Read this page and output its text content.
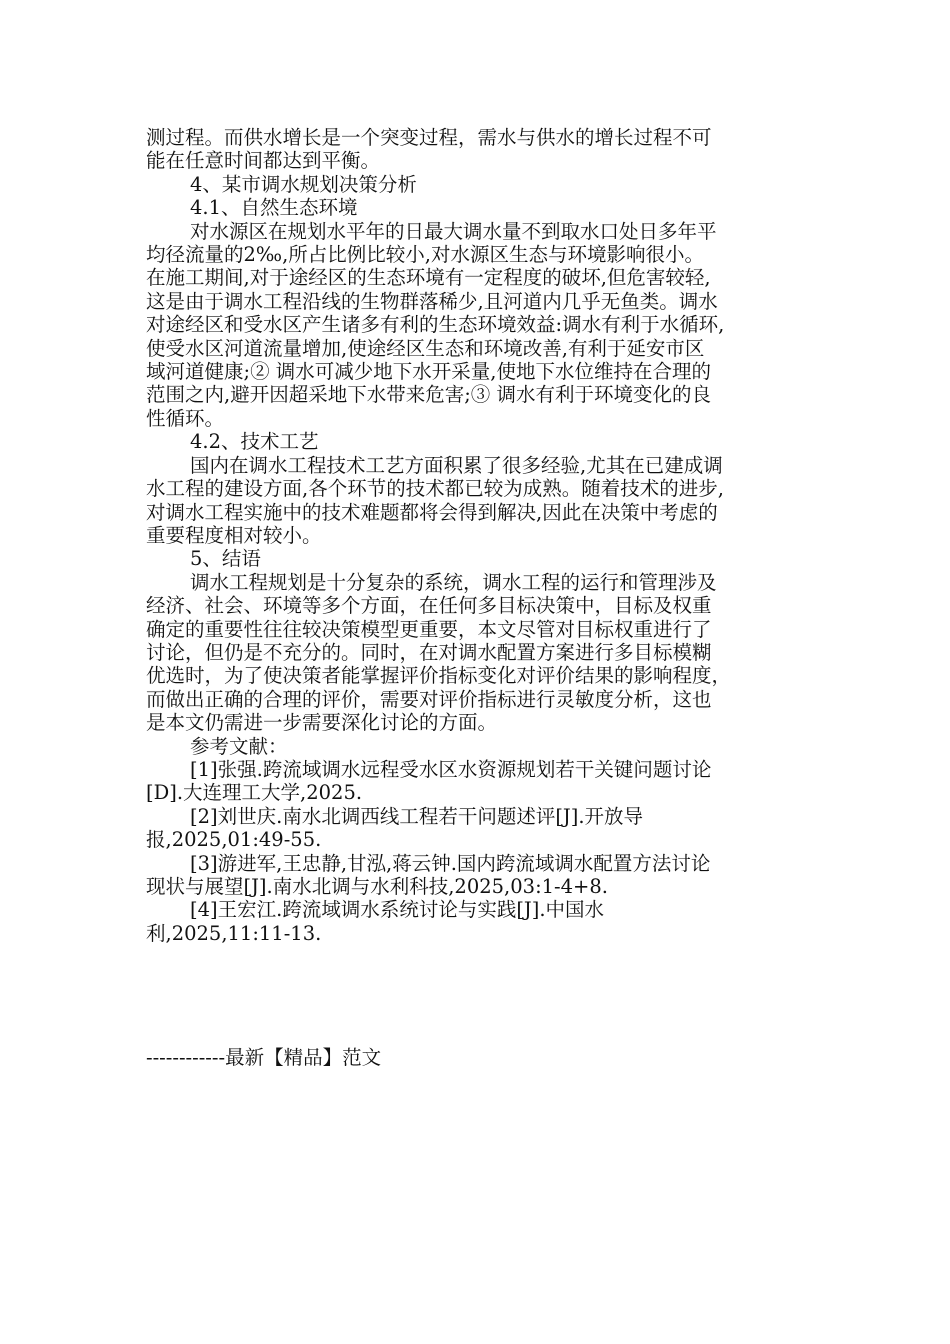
测过程。而供水增长是一个突变过程，需水与供水的增长过程不可
能在任意时间都达到平衡。
4、某市调水规划决策分析
4.1、自然生态环境
对水源区在规划水平年的日最大调水量不到取水口处日多年平
均径流量的2‰,所占比例比较小,对水源区生态与环境影响很小。
在施工期间,对于途经区的生态环境有一定程度的破坏,但危害较轻,
这是由于调水工程沿线的生物群落稀少,且河道内几乎无鱼类。调水
对途经区和受水区产生诸多有利的生态环境效益:调水有利于水循环,
使受水区河道流量增加,使途经区生态和环境改善,有利于延安市区
域河道健康;② 调水可减少地下水开采量,使地下水位维持在合理的
范围之内,避开因超采地下水带来危害;③ 调水有利于环境变化的良
性循环。
4.2、技术工艺
国内在调水工程技术工艺方面积累了很多经验,尤其在已建成调
水工程的建设方面,各个环节的技术都已较为成熟。随着技术的进步,
对调水工程实施中的技术难题都将会得到解决,因此在决策中考虑的
重要程度相对较小。
5、结语
调水工程规划是十分复杂的系统，调水工程的运行和管理涉及
经济、社会、环境等多个方面，在任何多目标决策中，目标及权重
确定的重要性往往较决策模型更重要，本文尽管对目标权重进行了
讨论，但仍是不充分的。同时，在对调水配置方案进行多目标模糊
优选时，为了使决策者能掌握评价指标变化对评价结果的影响程度，
而做出正确的合理的评价，需要对评价指标进行灵敏度分析，这也
是本文仍需进一步需要深化讨论的方面。
参考文献：
[1]张强.跨流域调水远程受水区水资源规划若干关键问题讨论
[D].大连理工大学,2025.
[2]刘世庆.南水北调西线工程若干问题述评[J].开放导
报,2025,01:49-55.
[3]游进军,王忠静,甘泓,蒋云钟.国内跨流域调水配置方法讨论
现状与展望[J].南水北调与水利科技,2025,03:1-4+8.
[4]王宏江.跨流域调水系统讨论与实践[J].中国水
利,2025,11:11-13.
------------最新【精品】范文
